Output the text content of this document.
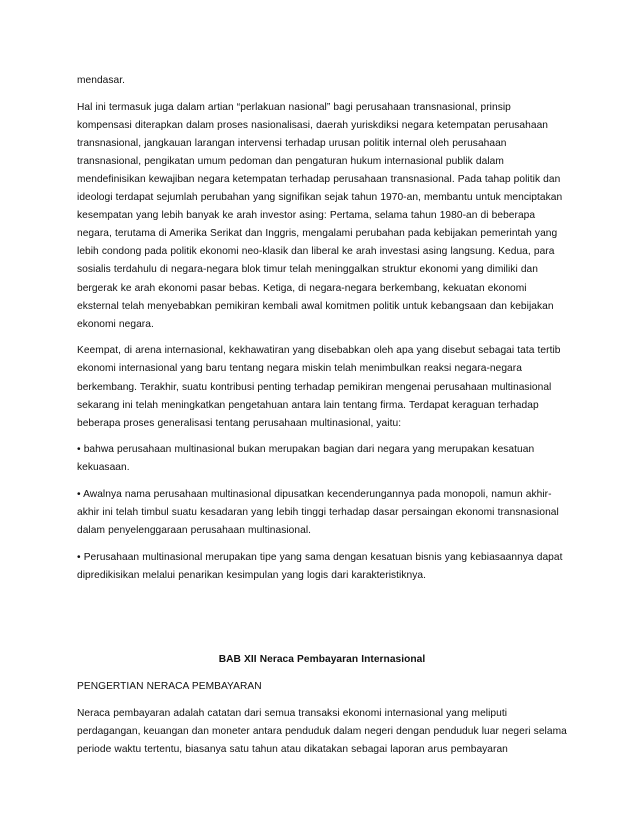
mendasar.

Hal ini termasuk juga dalam artian “perlakuan nasional” bagi perusahaan transnasional, prinsip kompensasi diterapkan dalam proses nasionalisasi, daerah yuriskdiksi negara ketempatan perusahaan transnasional, jangkauan larangan intervensi terhadap urusan politik internal oleh perusahaan transnasional, pengikatan umum pedoman dan pengaturan hukum internasional publik dalam mendefinisikan kewajiban negara ketempatan terhadap perusahaan transnasional. Pada tahap politik dan ideologi terdapat sejumlah perubahan yang signifikan sejak tahun 1970-an, membantu untuk menciptakan kesempatan yang lebih banyak ke arah investor asing: Pertama, selama tahun 1980-an di beberapa negara, terutama di Amerika Serikat dan Inggris, mengalami perubahan pada kebijakan pemerintah yang lebih condong pada politik ekonomi neo-klasik dan liberal ke arah investasi asing langsung. Kedua, para sosialis terdahulu di negara-negara blok timur telah meninggalkan struktur ekonomi yang dimiliki dan bergerak ke arah ekonomi pasar bebas. Ketiga, di negara-negara berkembang, kekuatan ekonomi eksternal telah menyebabkan pemikiran kembali awal komitmen politik untuk kebangsaan dan kebijakan ekonomi negara.

Keempat, di arena internasional, kekhawatiran yang disebabkan oleh apa yang disebut sebagai tata tertib ekonomi internasional yang baru tentang negara miskin telah menimbulkan reaksi negara-negara berkembang. Terakhir, suatu kontribusi penting terhadap pemikiran mengenai perusahaan multinasional sekarang ini telah meningkatkan pengetahuan antara lain tentang firma. Terdapat keraguan terhadap beberapa proses generalisasi tentang perusahaan multinasional, yaitu:

• bahwa perusahaan multinasional bukan merupakan bagian dari negara yang merupakan kesatuan kekuasaan.

• Awalnya nama perusahaan multinasional dipusatkan kecenderungannya pada monopoli, namun akhir-akhir ini telah timbul suatu kesadaran yang lebih tinggi terhadap dasar persaingan ekonomi transnasional dalam penyelenggaraan perusahaan multinasional.

• Perusahaan multinasional merupakan tipe yang sama dengan kesatuan bisnis yang kebiasaannya dapat dipredikisikan melalui penarikan kesimpulan yang logis dari karakteristiknya.

BAB XII Neraca Pembayaran Internasional

PENGERTIAN NERACA PEMBAYARAN

Neraca pembayaran adalah catatan dari semua transaksi ekonomi internasional yang meliputi perdagangan, keuangan dan moneter antara penduduk dalam negeri dengan penduduk luar negeri selama periode waktu tertentu, biasanya satu tahun atau dikatakan sebagai laporan arus pembayaran
